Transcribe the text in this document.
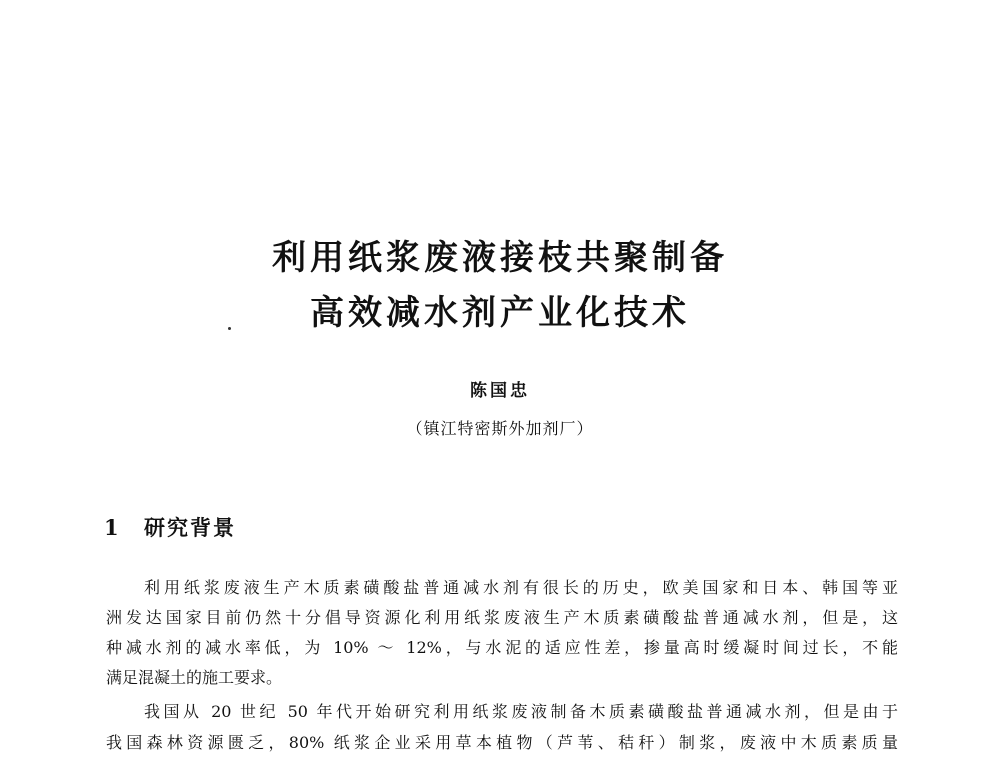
利用纸浆废液接枝共聚制备
高效减水剂产业化技术
陈国忠
（镇江特密斯外加剂厂）
1 研究背景
利用纸浆废液生产木质素磺酸盐普通减水剂有很长的历史，欧美国家和日本、韩国等亚
洲发达国家目前仍然十分倡导资源化利用纸浆废液生产木质素磺酸盐普通减水剂，但是，这
种减水剂的减水率低，为 10% ～ 12%，与水泥的适应性差，掺量高时缓凝时间过长，不能
满足混凝土的施工要求。
我国从 20 世纪 50 年代开始研究利用纸浆废液制备木质素磺酸盐普通减水剂，但是由于
我国森林资源匮乏，80% 纸浆企业采用草本植物（芦苇、秸秆）制浆，废液中木质素质量
